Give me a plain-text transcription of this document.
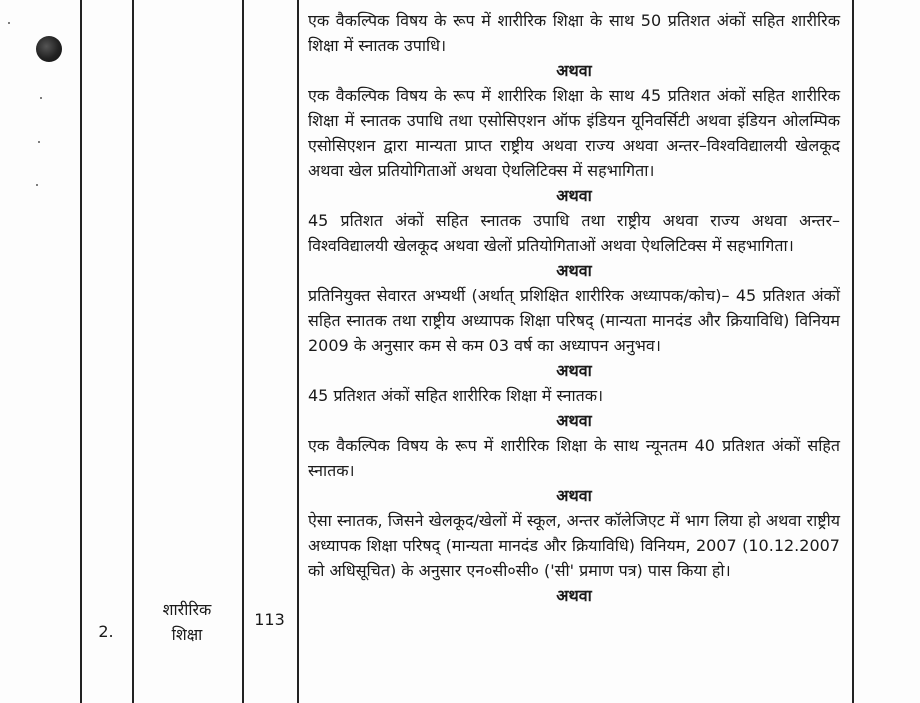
2.
शारीरिक
शिक्षा
113
एक वैकल्पिक विषय के रूप में शारीरिक शिक्षा के साथ 50 प्रतिशत अंकों सहित शारीरिक शिक्षा में स्नातक उपाधि।
अथवा
एक वैकल्पिक विषय के रूप में शारीरिक शिक्षा के साथ 45 प्रतिशत अंकों सहित शारीरिक शिक्षा में स्नातक उपाधि तथा एसोसिएशन ऑफ इंडियन यूनिवर्सिटी अथवा इंडियन ओलम्पिक एसोसिएशन द्वारा मान्यता प्राप्त राष्ट्रीय अथवा राज्य अथवा अन्तर–विश्वविद्यालयी खेलकूद अथवा खेल प्रतियोगिताओं अथवा ऐथलिटिक्स में सहभागिता।
अथवा
45 प्रतिशत अंकों सहित स्नातक उपाधि तथा राष्ट्रीय अथवा राज्य अथवा अन्तर–विश्वविद्यालयी खेलकूद अथवा खेलों प्रतियोगिताओं अथवा ऐथलिटिक्स में सहभागिता।
अथवा
प्रतिनियुक्त सेवारत अभ्यर्थी (अर्थात् प्रशिक्षित शारीरिक अध्यापक/कोच)– 45 प्रतिशत अंकों सहित स्नातक तथा राष्ट्रीय अध्यापक शिक्षा परिषद् (मान्यता मानदंड और क्रियाविधि) विनियम 2009 के अनुसार कम से कम 03 वर्ष का अध्यापन अनुभव।
अथवा
45 प्रतिशत अंकों सहित शारीरिक शिक्षा में स्नातक।
अथवा
एक वैकल्पिक विषय के रूप में शारीरिक शिक्षा के साथ न्यूनतम 40 प्रतिशत अंकों सहित स्नातक।
अथवा
ऐसा स्नातक, जिसने खेलकूद/खेलों में स्कूल, अन्तर कॉलेजिएट में भाग लिया हो अथवा राष्ट्रीय अध्यापक शिक्षा परिषद् (मान्यता मानदंड और क्रियाविधि) विनियम, 2007 (10.12.2007 को अधिसूचित) के अनुसार एन०सी०सी० ('सी' प्रमाण पत्र) पास किया हो।
अथवा
